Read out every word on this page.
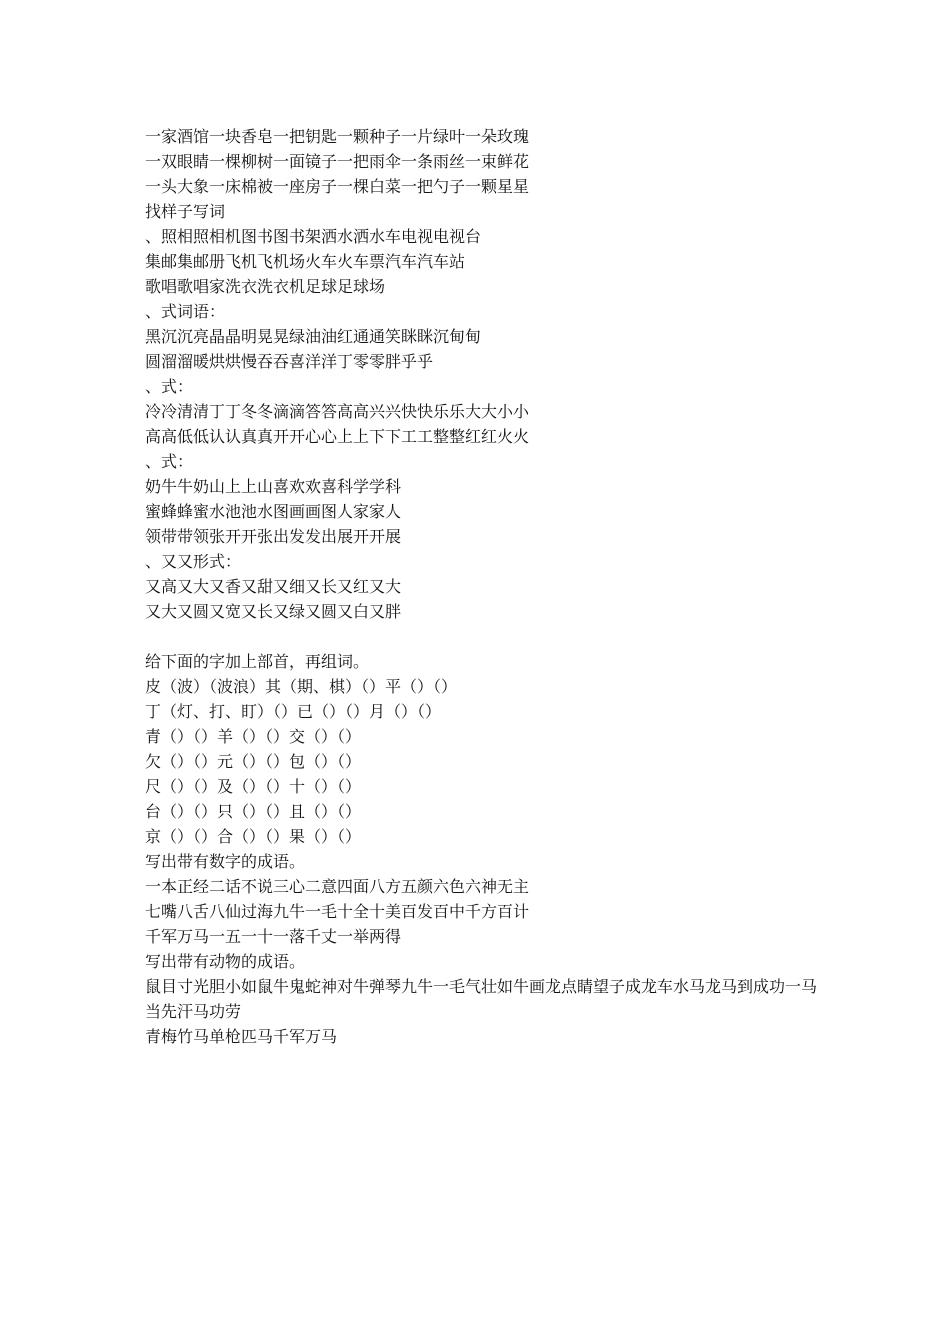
一家酒馆一块香皂一把钥匙一颗种子一片绿叶一朵玫瑰
一双眼睛一棵柳树一面镜子一把雨伞一条雨丝一束鲜花
一头大象一床棉被一座房子一棵白菜一把勺子一颗星星
找样子写词
、照相照相机图书图书架洒水洒水车电视电视台
集邮集邮册飞机飞机场火车火车票汽车汽车站
歌唱歌唱家洗衣洗衣机足球足球场
、式词语：
黑沉沉亮晶晶明晃晃绿油油红通通笑眯眯沉甸甸
圆溜溜暖烘烘慢吞吞喜洋洋丁零零胖乎乎
、式：
冷冷清清丁丁冬冬滴滴答答高高兴兴快快乐乐大大小小
高高低低认认真真开开心心上上下下工工整整红红火火
、式：
奶牛牛奶山上上山喜欢欢喜科学学科
蜜蜂蜂蜜水池池水图画画图人家家人
领带带领张开开张出发发出展开开展
、又又形式：
又高又大又香又甜又细又长又红又大
又大又圆又宽又长又绿又圆又白又胖
给下面的字加上部首，再组词。
皮（波）（波浪）其（期、棋）（）平（）（）
丁（灯、打、盯）（）已（）（）月（）（）
青（）（）羊（）（）交（）（）
欠（）（）元（）（）包（）（）
尺（）（）及（）（）十（）（）
台（）（）只（）（）且（）（）
京（）（）合（）（）果（）（）
写出带有数字的成语。
一本正经二话不说三心二意四面八方五颜六色六神无主
七嘴八舌八仙过海九牛一毛十全十美百发百中千方百计
千军万马一五一十一落千丈一举两得
写出带有动物的成语。
鼠目寸光胆小如鼠牛鬼蛇神对牛弹琴九牛一毛气壮如牛画龙点睛望子成龙车水马龙马到成功一马当先汗马功劳
青梅竹马单枪匹马千军万马
